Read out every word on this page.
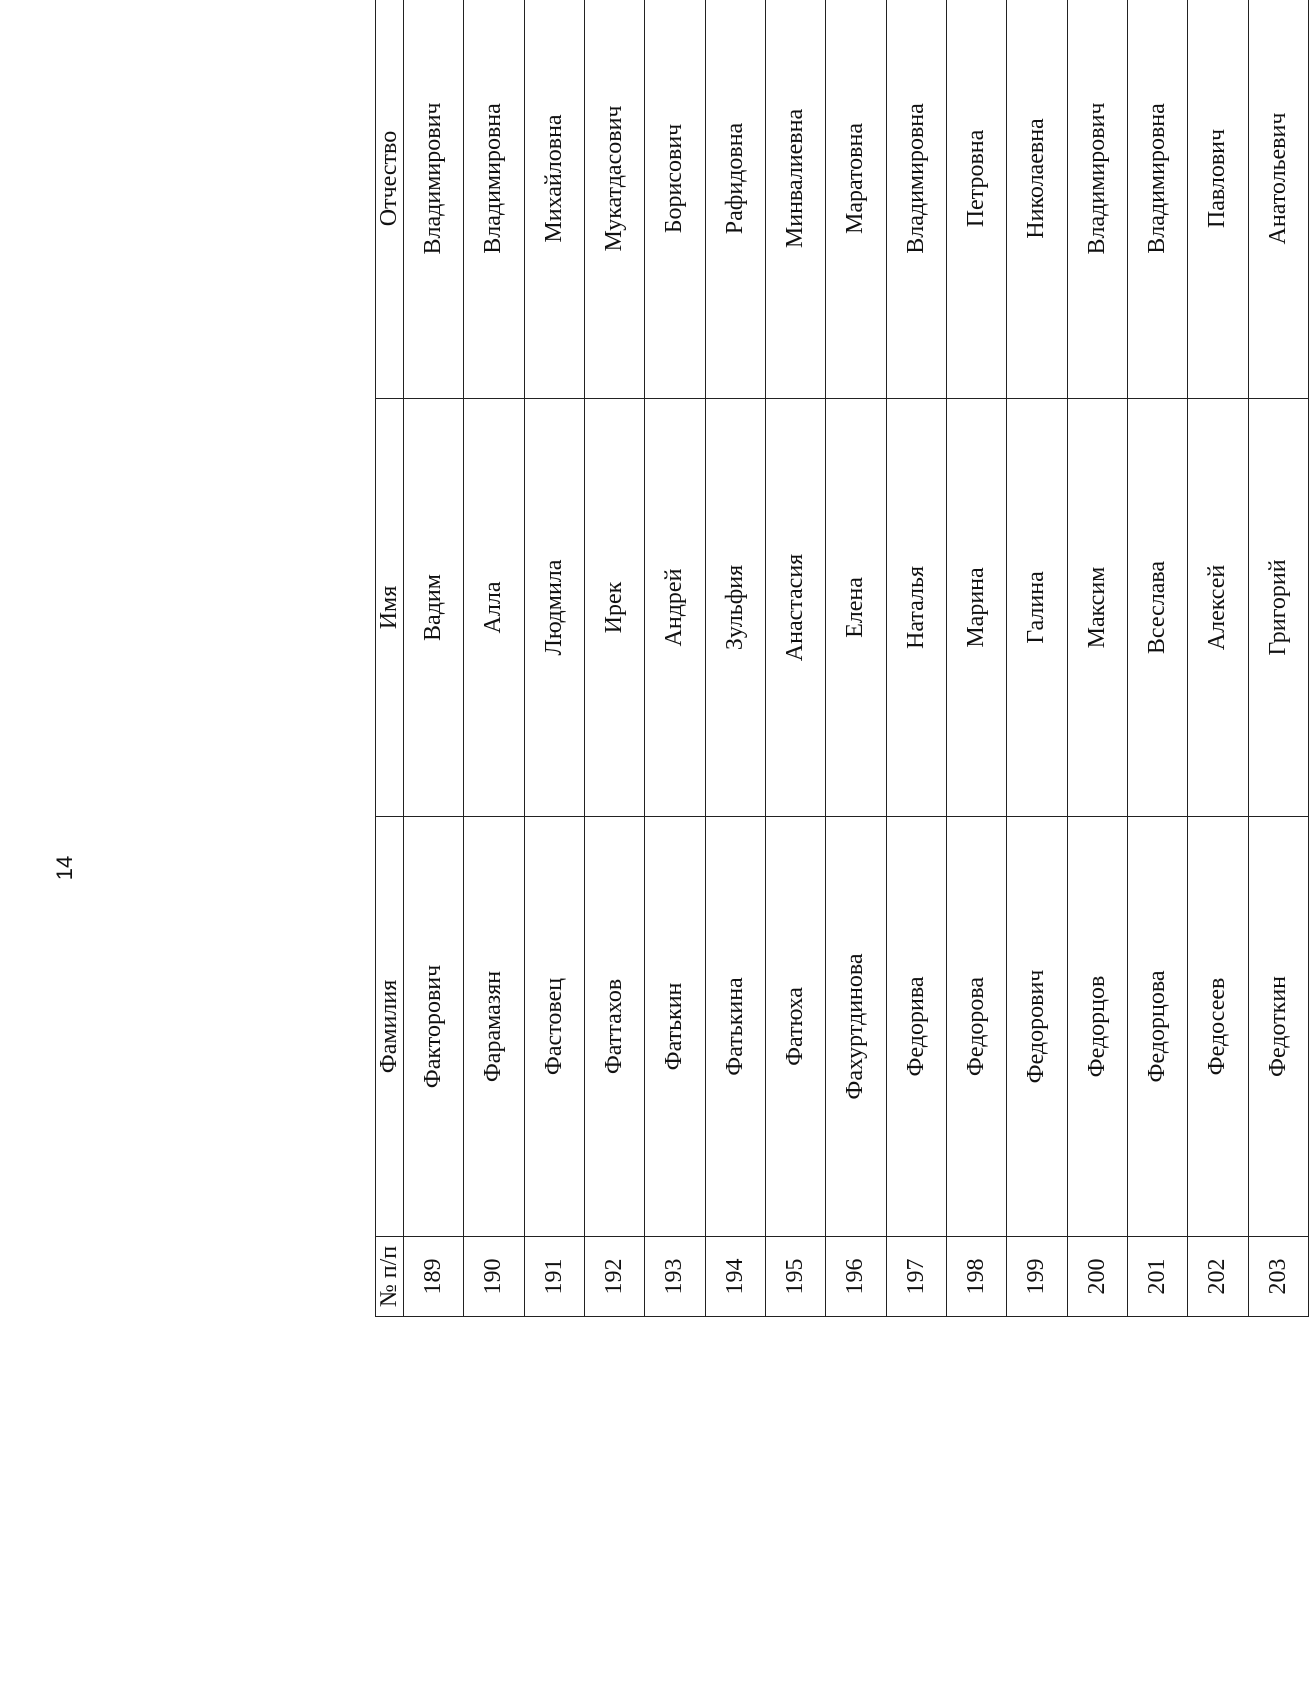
14
№ п/п	Фамилия	Имя	Отчество
189	Факторович	Вадим	Владимирович
190	Фарамазян	Алла	Владимировна
191	Фастовец	Людмила	Михайловна
192	Фаттахов	Ирек	Мукатдасович
193	Фатькин	Андрей	Борисович
194	Фатькина	Зульфия	Рафидовна
195	Фатюха	Анастасия	Минвалиевна
196	Фахуртдинова	Елена	Маратовна
197	Федорива	Наталья	Владимировна
198	Федорова	Марина	Петровна
199	Федорович	Галина	Николаевна
200	Федорцов	Максим	Владимирович
201	Федорцова	Всеслава	Владимировна
202	Федосеев	Алексей	Павлович
203	Федоткин	Григорий	Анатольевич
